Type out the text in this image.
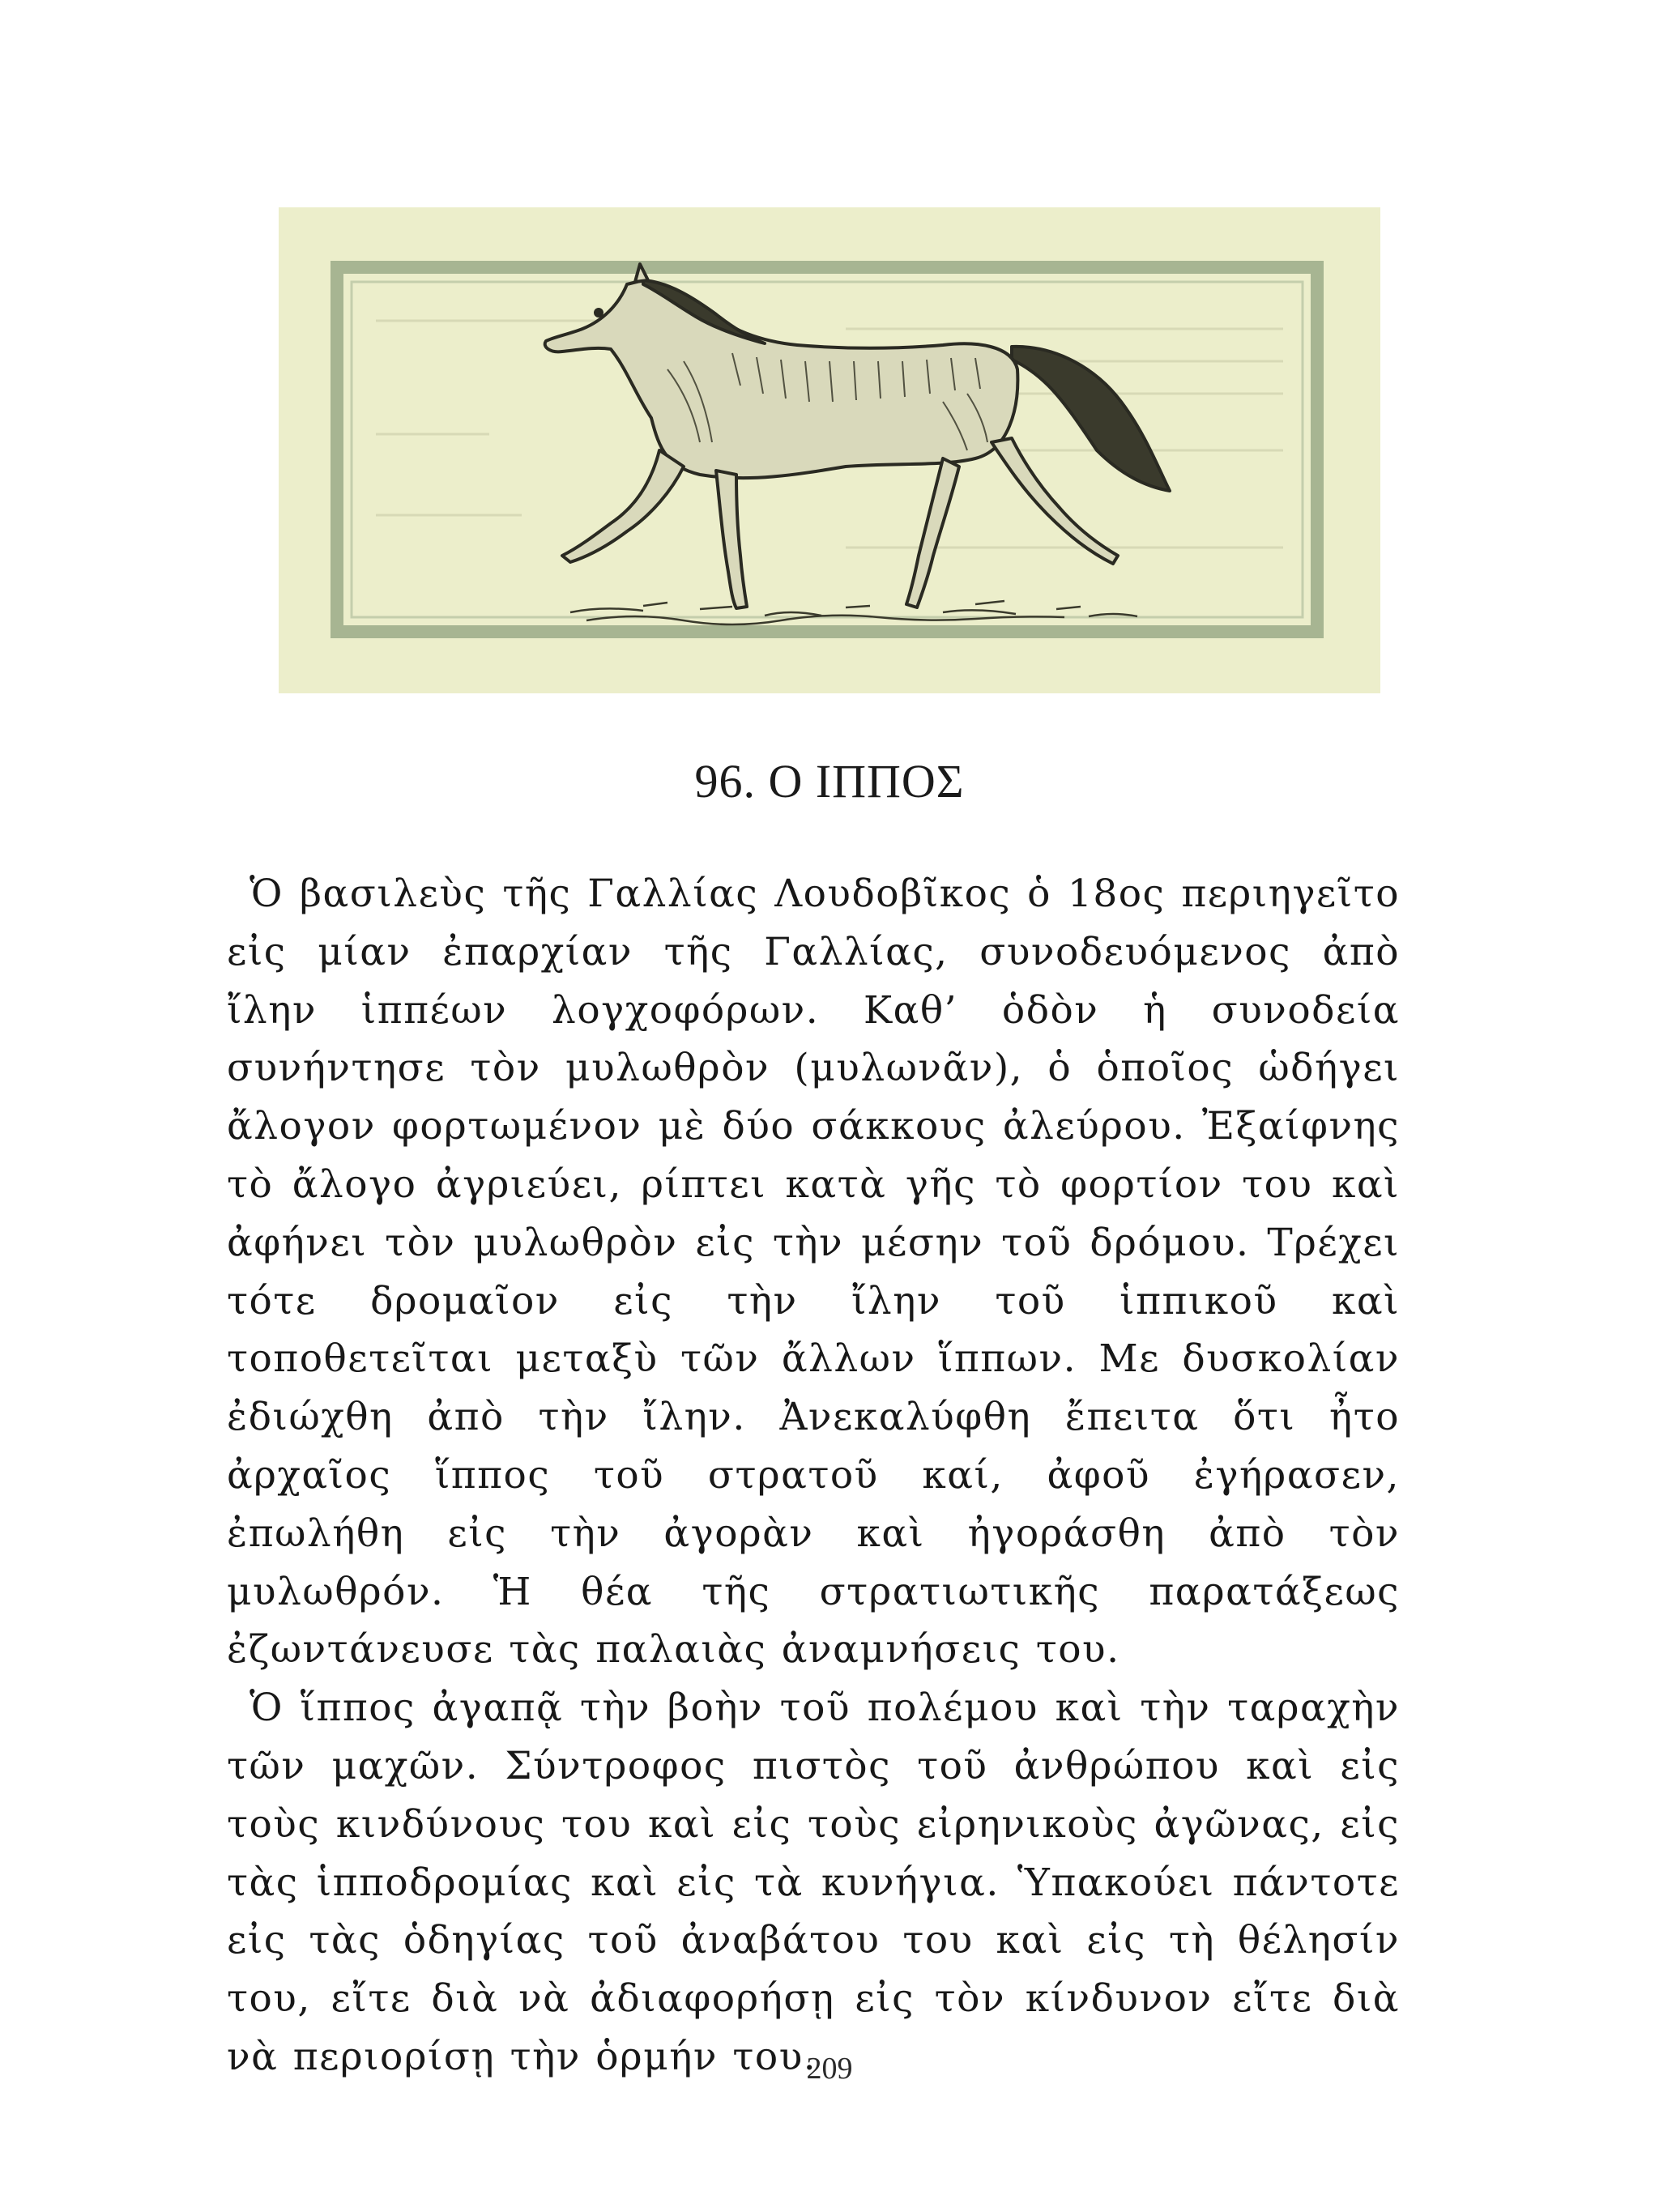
96. Ο ΙΠΠΟΣ

Ὁ βασιλεὺς τῆς Γαλλίας Λουδοβῖκος ὁ 18ος περιηγεῖτο εἰς μίαν ἐπαρχίαν τῆς Γαλλίας, συνοδευόμενος ἀπὸ ἴλην ἱππέων λογχοφόρων. Καθ’ ὁδὸν ἡ συνοδεία συνήντησε τὸν μυλωθρὸν (μυλωνᾶν), ὁ ὁποῖος ὡδήγει ἄλογον φορτωμένον μὲ δύο σάκκους ἀλεύρου. Ἐξαίφνης τὸ ἄλογο ἀγριεύει, ρίπτει κατὰ γῆς τὸ φορτίον του καὶ ἀφήνει τὸν μυλωθρὸν εἰς τὴν μέσην τοῦ δρόμου. Τρέχει τότε δρομαῖον εἰς τὴν ἴλην τοῦ ἱππικοῦ καὶ τοποθετεῖται μεταξὺ τῶν ἄλλων ἵππων. Με δυσκολίαν ἐδιώχθη ἀπὸ τὴν ἴλην. Ἀνεκαλύφθη ἔπειτα ὅτι ἦτο ἀρχαῖος ἵππος τοῦ στρατοῦ καί, ἀφοῦ ἐγήρασεν, ἐπωλήθη εἰς τὴν ἀγορὰν καὶ ἠγοράσθη ἀπὸ τὸν μυλωθρόν. Ἡ θέα τῆς στρατιωτικῆς παρατάξεως ἐζωντάνευσε τὰς παλαιὰς ἀναμνήσεις του.

Ὁ ἵππος ἀγαπᾷ τὴν βοὴν τοῦ πολέμου καὶ τὴν ταραχὴν τῶν μαχῶν. Σύντροφος πιστὸς τοῦ ἀνθρώπου καὶ εἰς τοὺς κινδύνους του καὶ εἰς τοὺς εἰρηνικοὺς ἀγῶνας, εἰς τὰς ἱπποδρομίας καὶ εἰς τὰ κυνήγια. Ὑπακούει πάντοτε εἰς τὰς ὁδηγίας τοῦ ἀναβάτου του καὶ εἰς τὴ θέλησίν του, εἴτε διὰ νὰ ἀδιαφορήσῃ εἰς τὸν κίνδυνον εἴτε διὰ νὰ περιορίσῃ τὴν ὁρμήν του.

209
